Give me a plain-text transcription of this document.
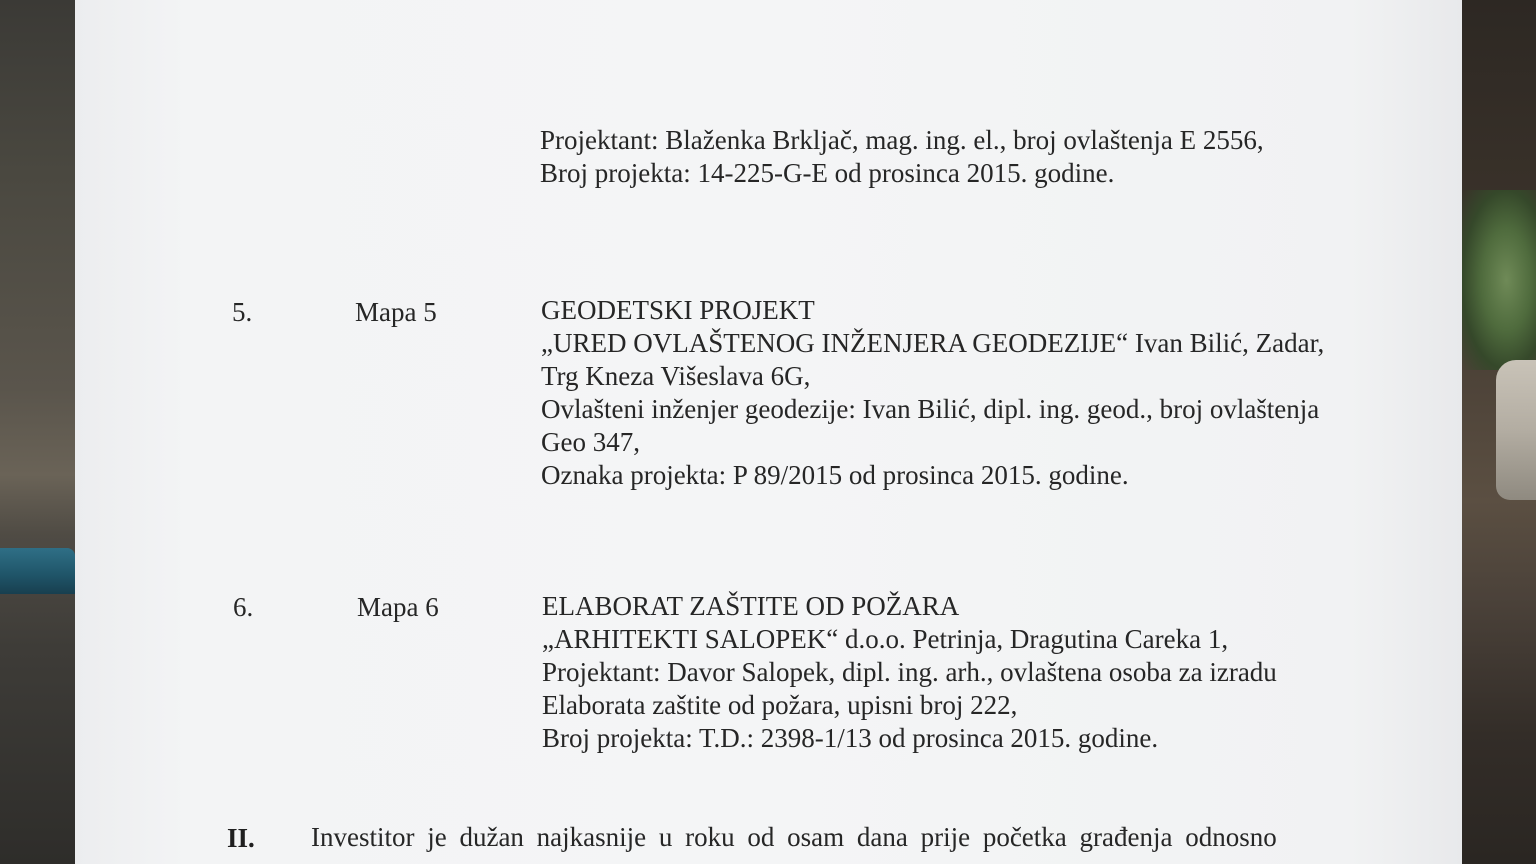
Projektant: Blaženka Brkljač, mag. ing. el., broj ovlaštenja E 2556,
Broj projekta: 14-225-G-E od prosinca 2015. godine.
5.	Mapa 5	GEODETSKI PROJEKT
„URED OVLAŠTENOG INŽENJERA GEODEZIJE“ Ivan Bilić, Zadar,
Trg Kneza Višeslava 6G,
Ovlašteni inženjer geodezije: Ivan Bilić, dipl. ing. geod., broj ovlaštenja
Geo 347,
Oznaka projekta: P 89/2015 od prosinca 2015. godine.
6.	Mapa 6	ELABORAT ZAŠTITE OD POŽARA
„ARHITEKTI SALOPEK“ d.o.o. Petrinja, Dragutina Careka 1,
Projektant: Davor Salopek, dipl. ing. arh., ovlaštena osoba za izradu
Elaborata zaštite od požara, upisni broj 222,
Broj projekta: T.D.: 2398-1/13 od prosinca 2015. godine.
II. Investitor je dužan najkasnije u roku od osam dana prije početka građenja odnosno
